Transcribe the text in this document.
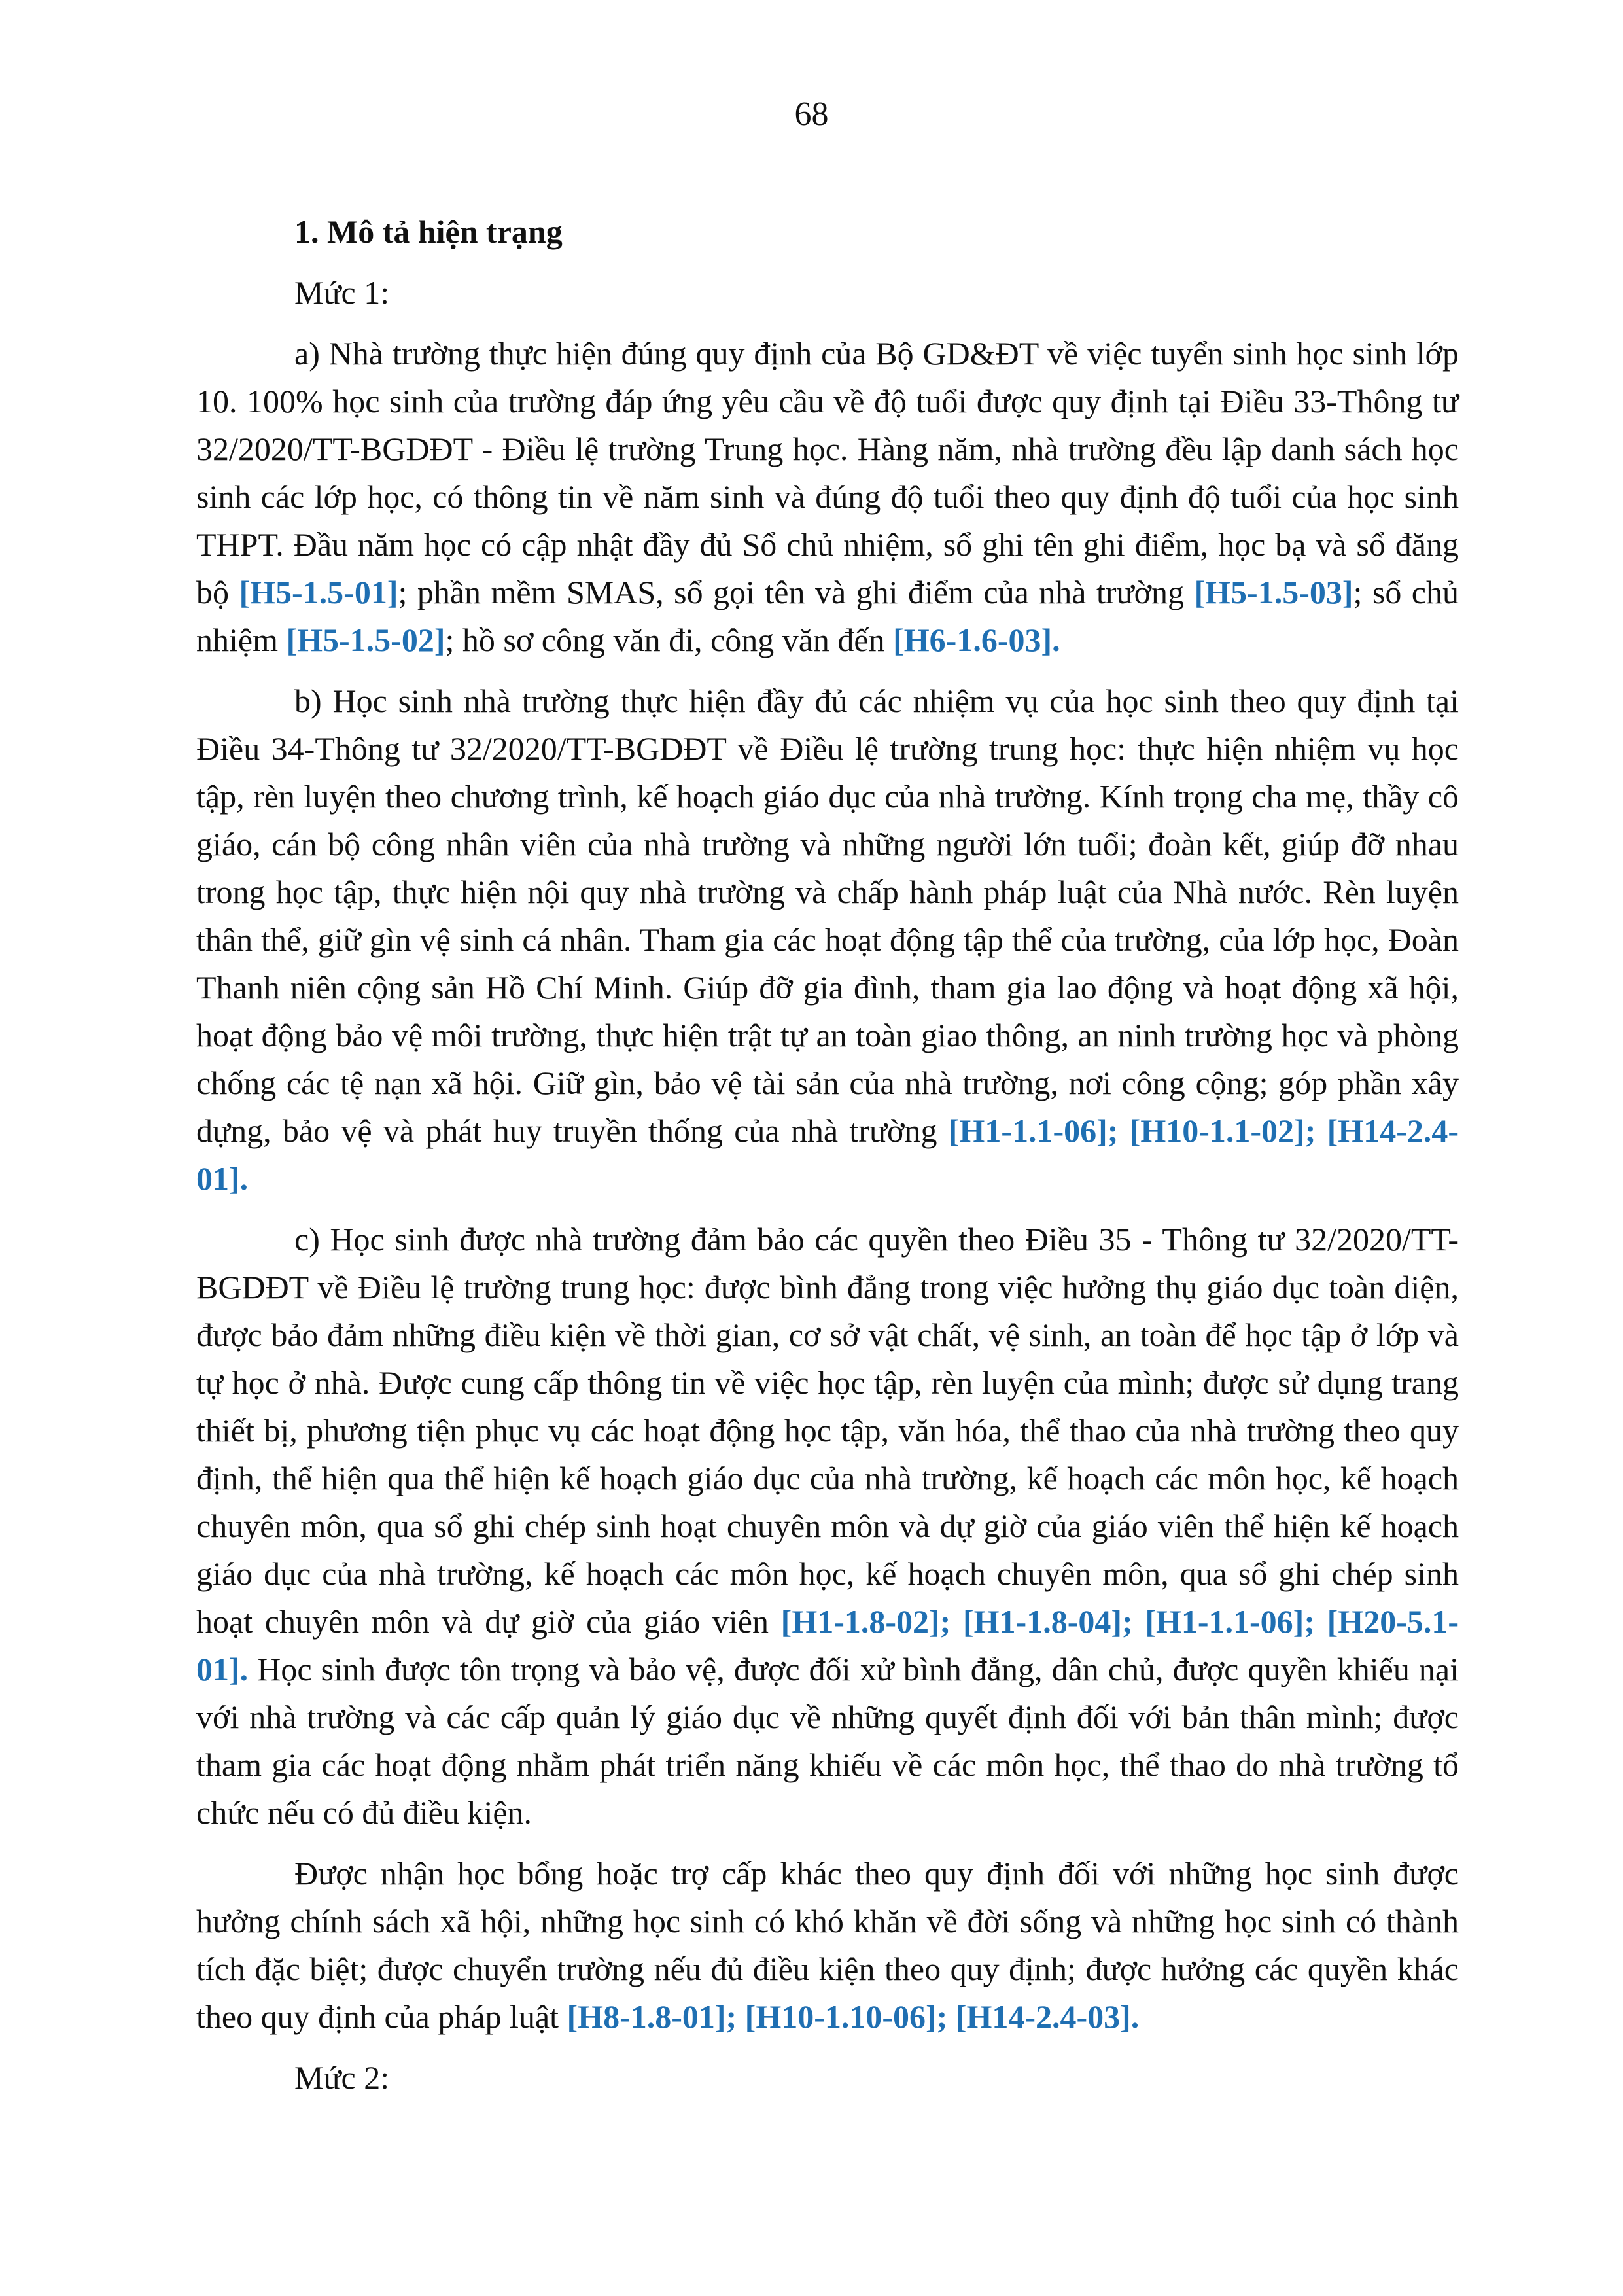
68

1. Mô tả hiện trạng

Mức 1:

a) Nhà trường thực hiện đúng quy định của Bộ GD&ĐT về việc tuyển sinh học sinh lớp 10. 100% học sinh của trường đáp ứng yêu cầu về độ tuổi được quy định tại Điều 33-Thông tư 32/2020/TT-BGDĐT - Điều lệ trường Trung học. Hàng năm, nhà trường đều lập danh sách học sinh các lớp học, có thông tin về năm sinh và đúng độ tuổi theo quy định độ tuổi của học sinh THPT. Đầu năm học có cập nhật đầy đủ Sổ chủ nhiệm, sổ ghi tên ghi điểm, học bạ và sổ đăng bộ [H5-1.5-01]; phần mềm SMAS, sổ gọi tên và ghi điểm của nhà trường [H5-1.5-03]; sổ chủ nhiệm [H5-1.5-02]; hồ sơ công văn đi, công văn đến [H6-1.6-03].

b) Học sinh nhà trường thực hiện đầy đủ các nhiệm vụ của học sinh theo quy định tại Điều 34-Thông tư 32/2020/TT-BGDĐT về Điều lệ trường trung học: thực hiện nhiệm vụ học tập, rèn luyện theo chương trình, kế hoạch giáo dục của nhà trường. Kính trọng cha mẹ, thầy cô giáo, cán bộ công nhân viên của nhà trường và những người lớn tuổi; đoàn kết, giúp đỡ nhau trong học tập, thực hiện nội quy nhà trường và chấp hành pháp luật của Nhà nước. Rèn luyện thân thể, giữ gìn vệ sinh cá nhân. Tham gia các hoạt động tập thể của trường, của lớp học, Đoàn Thanh niên cộng sản Hồ Chí Minh. Giúp đỡ gia đình, tham gia lao động và hoạt động xã hội, hoạt động bảo vệ môi trường, thực hiện trật tự an toàn giao thông, an ninh trường học và phòng chống các tệ nạn xã hội. Giữ gìn, bảo vệ tài sản của nhà trường, nơi công cộng; góp phần xây dựng, bảo vệ và phát huy truyền thống của nhà trường [H1-1.1-06]; [H10-1.1-02]; [H14-2.4-01].

c) Học sinh được nhà trường đảm bảo các quyền theo Điều 35 - Thông tư 32/2020/TT-BGDĐT về Điều lệ trường trung học: được bình đẳng trong việc hưởng thụ giáo dục toàn diện, được bảo đảm những điều kiện về thời gian, cơ sở vật chất, vệ sinh, an toàn để học tập ở lớp và tự học ở nhà. Được cung cấp thông tin về việc học tập, rèn luyện của mình; được sử dụng trang thiết bị, phương tiện phục vụ các hoạt động học tập, văn hóa, thể thao của nhà trường theo quy định, thể hiện qua thể hiện kế hoạch giáo dục của nhà trường, kế hoạch các môn học, kế hoạch chuyên môn, qua sổ ghi chép sinh hoạt chuyên môn và dự giờ của giáo viên thể hiện kế hoạch giáo dục của nhà trường, kế hoạch các môn học, kế hoạch chuyên môn, qua sổ ghi chép sinh hoạt chuyên môn và dự giờ của giáo viên [H1-1.8-02]; [H1-1.8-04]; [H1-1.1-06]; [H20-5.1-01]. Học sinh được tôn trọng và bảo vệ, được đối xử bình đẳng, dân chủ, được quyền khiếu nại với nhà trường và các cấp quản lý giáo dục về những quyết định đối với bản thân mình; được tham gia các hoạt động nhằm phát triển năng khiếu về các môn học, thể thao do nhà trường tổ chức nếu có đủ điều kiện.

Được nhận học bổng hoặc trợ cấp khác theo quy định đối với những học sinh được hưởng chính sách xã hội, những học sinh có khó khăn về đời sống và những học sinh có thành tích đặc biệt; được chuyển trường nếu đủ điều kiện theo quy định; được hưởng các quyền khác theo quy định của pháp luật [H8-1.8-01]; [H10-1.10-06]; [H14-2.4-03].

Mức 2:
